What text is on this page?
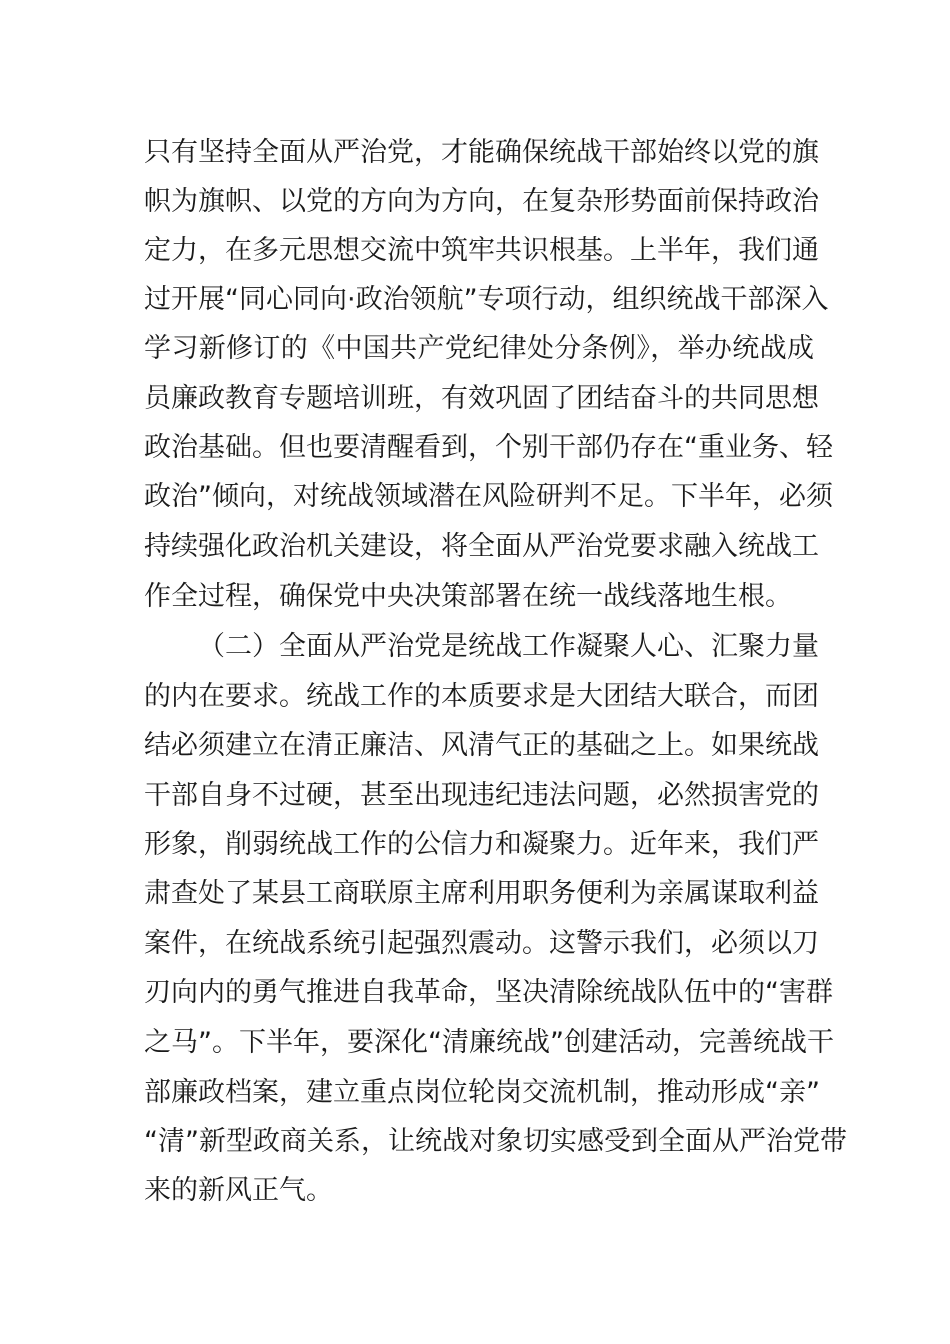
只有坚持全面从严治党，才能确保统战干部始终以党的旗
帜为旗帜、以党的方向为方向，在复杂形势面前保持政治
定力，在多元思想交流中筑牢共识根基。上半年，我们通
过开展“同心同向·政治领航”专项行动，组织统战干部深入
学习新修订的《中国共产党纪律处分条例》，举办统战成
员廉政教育专题培训班，有效巩固了团结奋斗的共同思想
政治基础。但也要清醒看到，个别干部仍存在“重业务、轻
政治”倾向，对统战领域潜在风险研判不足。下半年，必须
持续强化政治机关建设，将全面从严治党要求融入统战工
作全过程，确保党中央决策部署在统一战线落地生根。
（二）全面从严治党是统战工作凝聚人心、汇聚力量
的内在要求。统战工作的本质要求是大团结大联合，而团
结必须建立在清正廉洁、风清气正的基础之上。如果统战
干部自身不过硬，甚至出现违纪违法问题，必然损害党的
形象，削弱统战工作的公信力和凝聚力。近年来，我们严
肃查处了某县工商联原主席利用职务便利为亲属谋取利益
案件，在统战系统引起强烈震动。这警示我们，必须以刀
刃向内的勇气推进自我革命，坚决清除统战队伍中的“害群
之马”。下半年，要深化“清廉统战”创建活动，完善统战干
部廉政档案，建立重点岗位轮岗交流机制，推动形成“亲”
“清”新型政商关系，让统战对象切实感受到全面从严治党带
来的新风正气。
